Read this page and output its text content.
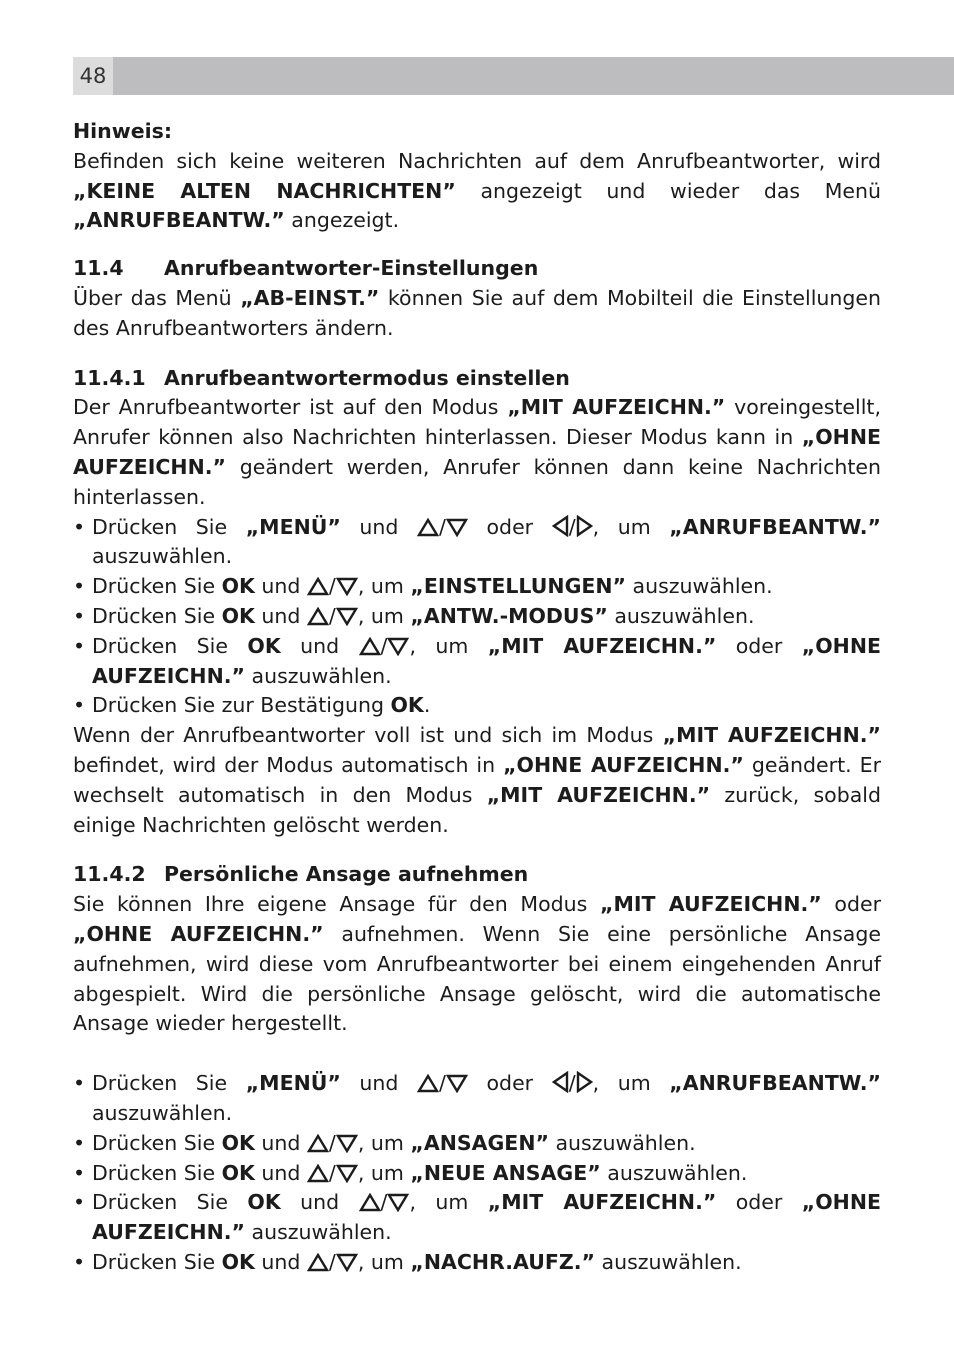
48

Hinweis:

Befinden sich keine weiteren Nachrichten auf dem Anrufbeantworter, wird „KEINE ALTEN NACHRICHTEN” angezeigt und wieder das Menü „ANRUFBEANTW.” angezeigt.

11.4 Anrufbeantworter-Einstellungen

Über das Menü „AB-EINST.” können Sie auf dem Mobilteil die Einstellungen des Anrufbeantworters ändern.

11.4.1 Anrufbeantwortermodus einstellen

Der Anrufbeantworter ist auf den Modus „MIT AUFZEICHN.” voreingestellt, Anrufer können also Nachrichten hinterlassen. Dieser Modus kann in „OHNE AUFZEICHN.” geändert werden, Anrufer können dann keine Nachrichten hinterlassen.

• Drücken Sie „MENÜ” und / oder / , um „ANRUFBEANTW.” auszuwählen.
• Drücken Sie OK und / , um „EINSTELLUNGEN” auszuwählen.
• Drücken Sie OK und / , um „ANTW.-MODUS” auszuwählen.
• Drücken Sie OK und / , um „MIT AUFZEICHN.” oder „OHNE AUFZEICHN.” auszuwählen.
• Drücken Sie zur Bestätigung OK.

Wenn der Anrufbeantworter voll ist und sich im Modus „MIT AUFZEICHN.” befindet, wird der Modus automatisch in „OHNE AUFZEICHN.” geändert. Er wechselt automatisch in den Modus „MIT AUFZEICHN.” zurück, sobald einige Nachrichten gelöscht werden.

11.4.2 Persönliche Ansage aufnehmen

Sie können Ihre eigene Ansage für den Modus „MIT AUFZEICHN.” oder „OHNE AUFZEICHN.” aufnehmen. Wenn Sie eine persönliche Ansage aufnehmen, wird diese vom Anrufbeantworter bei einem eingehenden Anruf abgespielt. Wird die persönliche Ansage gelöscht, wird die automatische Ansage wieder hergestellt.

• Drücken Sie „MENÜ” und / oder / , um „ANRUFBEANTW.” auszuwählen.
• Drücken Sie OK und / , um „ANSAGEN” auszuwählen.
• Drücken Sie OK und / , um „NEUE ANSAGE” auszuwählen.
• Drücken Sie OK und / , um „MIT AUFZEICHN.” oder „OHNE AUFZEICHN.” auszuwählen.
• Drücken Sie OK und / , um „NACHR.AUFZ.” auszuwählen.
